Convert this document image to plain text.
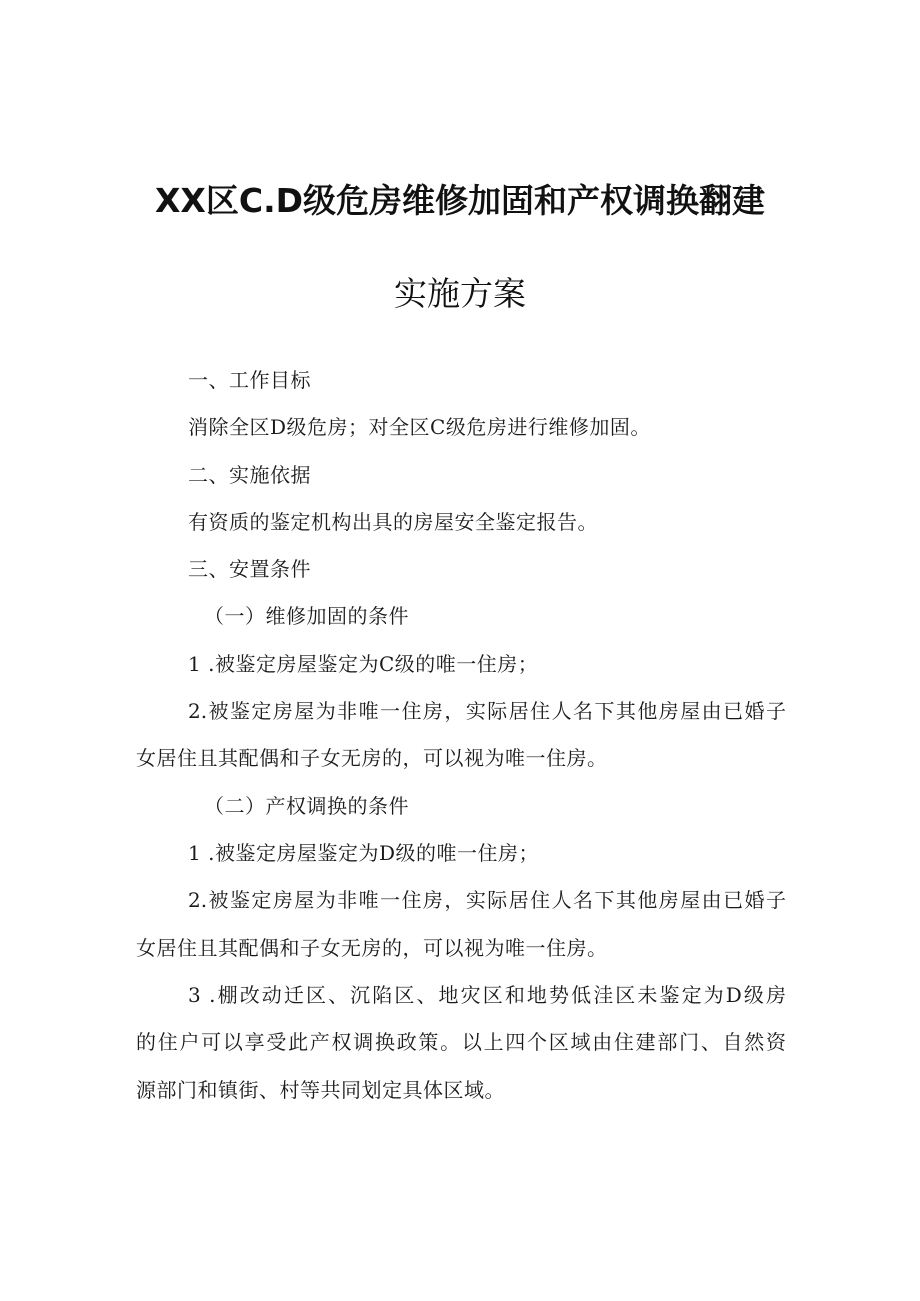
XX区C.D级危房维修加固和产权调换翻建
实施方案
一、工作目标
消除全区D级危房；对全区C级危房进行维修加固。
二、实施依据
有资质的鉴定机构出具的房屋安全鉴定报告。
三、安置条件
（一）维修加固的条件
1 .被鉴定房屋鉴定为C级的唯一住房；
2.被鉴定房屋为非唯一住房，实际居住人名下其他房屋由已婚子
女居住且其配偶和子女无房的，可以视为唯一住房。
（二）产权调换的条件
1 .被鉴定房屋鉴定为D级的唯一住房；
2.被鉴定房屋为非唯一住房，实际居住人名下其他房屋由已婚子
女居住且其配偶和子女无房的，可以视为唯一住房。
3 .棚改动迁区、沉陷区、地灾区和地势低洼区未鉴定为D级房
的住户可以享受此产权调换政策。以上四个区域由住建部门、自然资
源部门和镇街、村等共同划定具体区域。
